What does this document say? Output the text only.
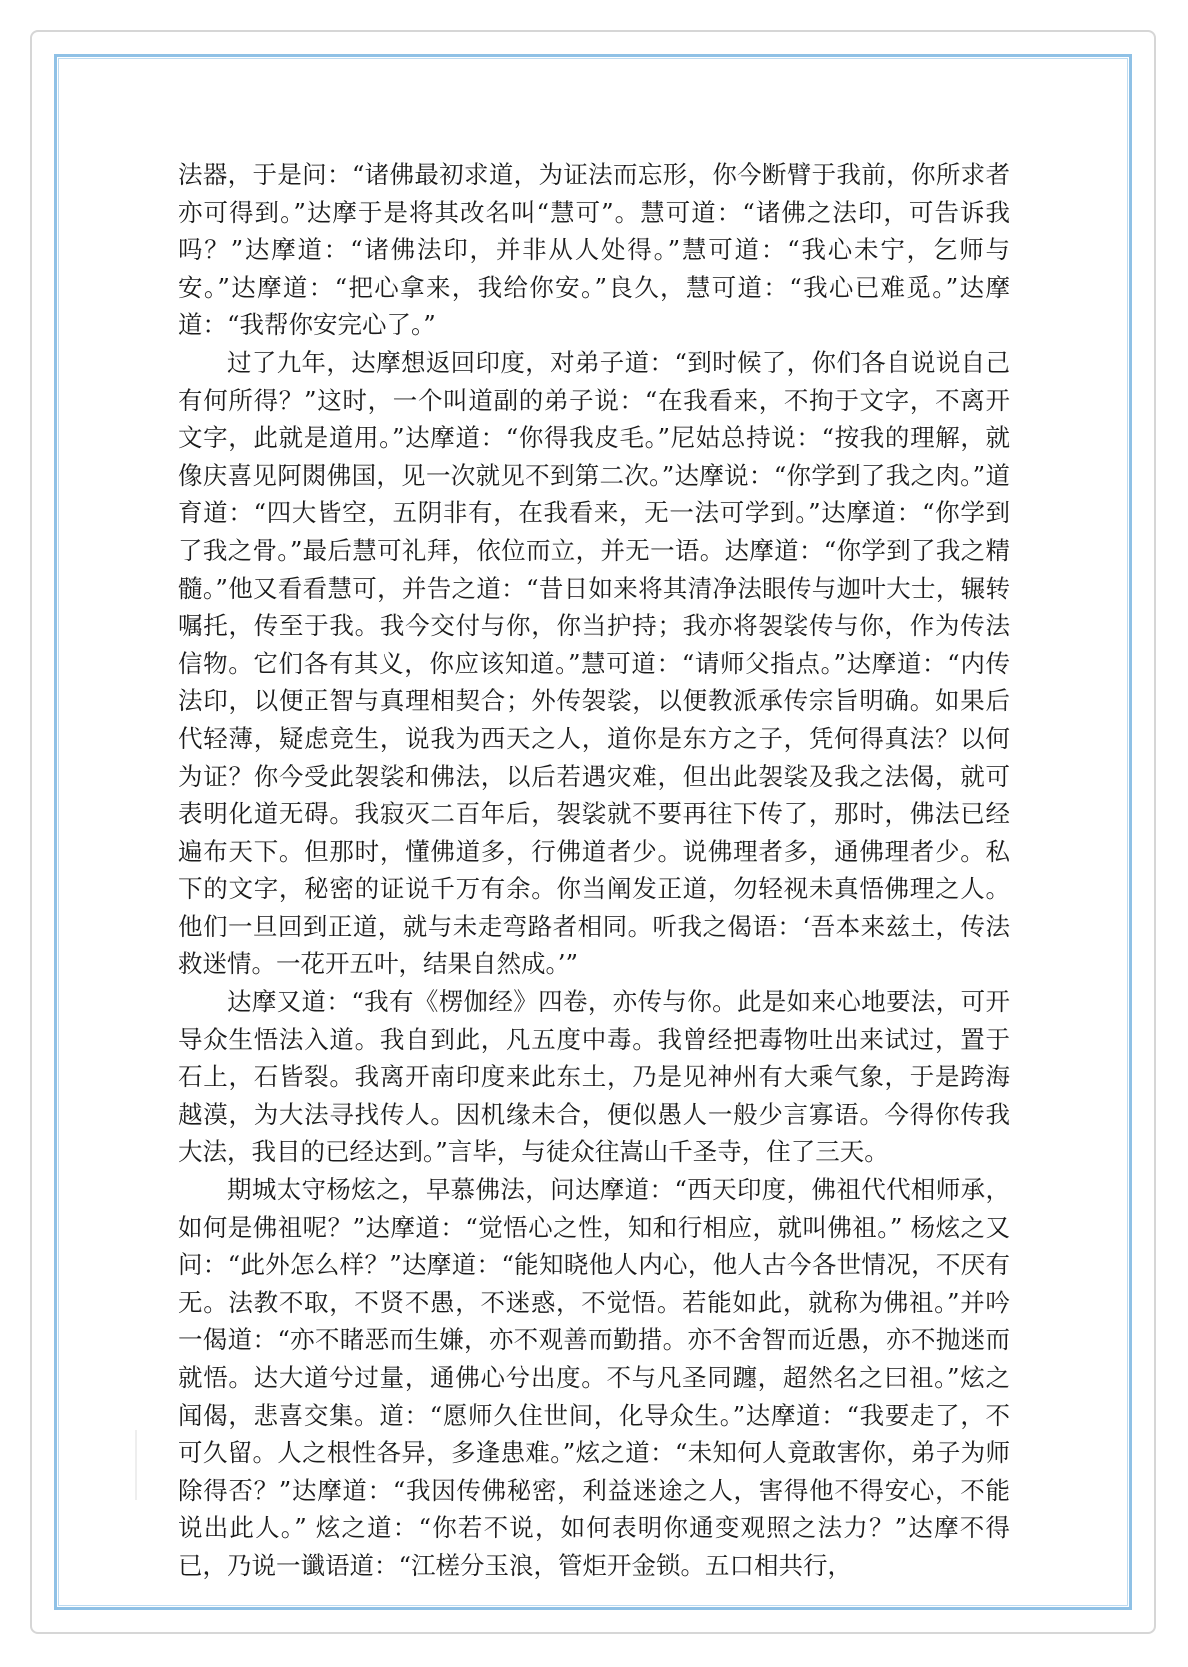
法器，于是问：“诸佛最初求道，为证法而忘形，你今断臂于我前，你所求者亦可得到。”达摩于是将其改名叫“慧可”。慧可道：“诸佛之法印，可告诉我吗？”达摩道：“诸佛法印，并非从人处得。”慧可道：“我心未宁，乞师与安。”达摩道：“把心拿来，我给你安。”良久，慧可道：“我心已难觅。”达摩道：“我帮你安完心了。”

过了九年，达摩想返回印度，对弟子道：“到时候了，你们各自说说自己有何所得？”这时，一个叫道副的弟子说：“在我看来，不拘于文字，不离开文字，此就是道用。”达摩道：“你得我皮毛。”尼姑总持说：“按我的理解，就像庆喜见阿閦佛国，见一次就见不到第二次。”达摩说：“你学到了我之肉。”道育道：“四大皆空，五阴非有，在我看来，无一法可学到。”达摩道：“你学到了我之骨。”最后慧可礼拜，依位而立，并无一语。达摩道：“你学到了我之精髓。”他又看看慧可，并告之道：“昔日如来将其清净法眼传与迦叶大士，辗转嘱托，传至于我。我今交付与你，你当护持；我亦将袈裟传与你，作为传法信物。它们各有其义，你应该知道。”慧可道：“请师父指点。”达摩道：“内传法印，以便正智与真理相契合；外传袈裟，以便教派承传宗旨明确。如果后代轻薄，疑虑竞生，说我为西天之人，道你是东方之子，凭何得真法？以何为证？你今受此袈裟和佛法，以后若遇灾难，但出此袈裟及我之法偈，就可表明化道无碍。我寂灭二百年后，袈裟就不要再往下传了，那时，佛法已经遍布天下。但那时，懂佛道多，行佛道者少。说佛理者多，通佛理者少。私下的文字，秘密的证说千万有余。你当阐发正道，勿轻视未真悟佛理之人。他们一旦回到正道，就与未走弯路者相同。听我之偈语：‘吾本来兹土，传法救迷情。一花开五叶，结果自然成。’”

达摩又道：“我有《楞伽经》四卷，亦传与你。此是如来心地要法，可开导众生悟法入道。我自到此，凡五度中毒。我曾经把毒物吐出来试过，置于石上，石皆裂。我离开南印度来此东土，乃是见神州有大乘气象，于是跨海越漠，为大法寻找传人。因机缘未合，便似愚人一般少言寡语。今得你传我大法，我目的已经达到。”言毕，与徒众往嵩山千圣寺，住了三天。

期城太守杨炫之，早慕佛法，问达摩道：“西天印度，佛祖代代相师承，如何是佛祖呢？”达摩道：“觉悟心之性，知和行相应，就叫佛祖。” 杨炫之又问：“此外怎么样？”达摩道：“能知晓他人内心，他人古今各世情况，不厌有无。法教不取，不贤不愚，不迷惑，不觉悟。若能如此，就称为佛祖。”并吟一偈道：“亦不睹恶而生嫌，亦不观善而勤措。亦不舍智而近愚，亦不抛迷而就悟。达大道兮过量，通佛心兮出度。不与凡圣同躔，超然名之曰祖。”炫之闻偈，悲喜交集。道：“愿师久住世间，化导众生。”达摩道：“我要走了，不可久留。人之根性各异，多逢患难。”炫之道：“未知何人竟敢害你，弟子为师除得否？”达摩道：“我因传佛秘密，利益迷途之人，害得他不得安心，不能说出此人。” 炫之道：“你若不说，如何表明你通变观照之法力？”达摩不得已，乃说一谶语道：“江槎分玉浪，管炬开金锁。五口相共行，
